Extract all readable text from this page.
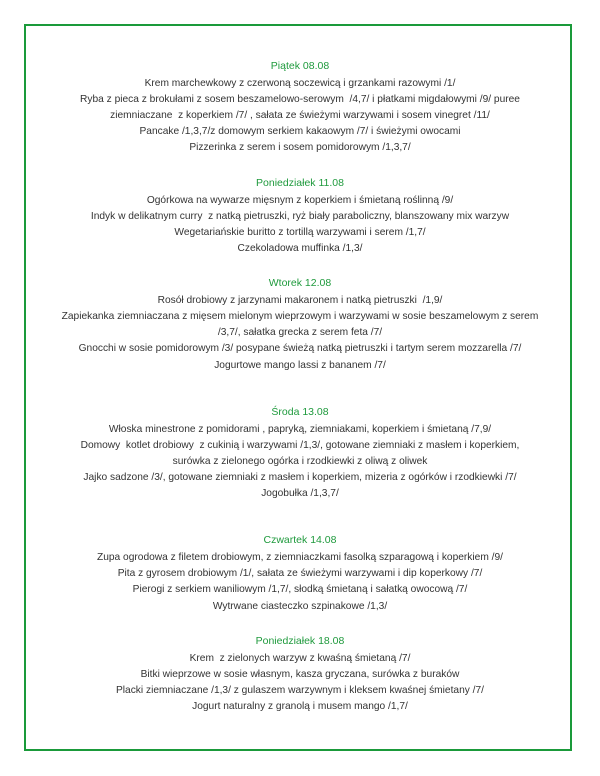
Piątek 08.08
Krem marchewkowy z czerwoną soczewicą i grzankami razowymi /1/
Ryba z pieca z brokułami z sosem beszamelowo-serowym  /4,7/ i płatkami migdałowymi /9/ puree
ziemniaczane  z koperkiem /7/ , sałata ze świeżymi warzywami i sosem vinegret /11/
Pancake /1,3,7/z domowym serkiem kakaowym /7/ i świeżymi owocami
Pizzerinka z serem i sosem pomidorowym /1,3,7/
Poniedziałek 11.08
Ogórkowa na wywarze mięsnym z koperkiem i śmietaną roślinną /9/
Indyk w delikatnym curry  z natką pietruszki, ryż biały paraboliczny, blanszowany mix warzyw
Wegetariańskie buritto z tortillą warzywami i serem /1,7/
Czekoladowa muffinka /1,3/
Wtorek 12.08
Rosół drobiowy z jarzynami makaronem i natką pietruszki  /1,9/
Zapiekanka ziemniaczana z mięsem mielonym wieprzowym i warzywami w sosie beszamelowym z serem
/3,7/, sałatka grecka z serem feta /7/
Gnocchi w sosie pomidorowym /3/ posypane świeżą natką pietruszki i tartym serem mozzarella /7/
Jogurtowe mango lassi z bananem /7/
Środa 13.08
Włoska minestrone z pomidorami , papryką, ziemniakami, koperkiem i śmietaną /7,9/
Domowy  kotlet drobiowy  z cukinią i warzywami /1,3/, gotowane ziemniaki z masłem i koperkiem,
surówka z zielonego ogórka i rzodkiewki z oliwą z oliwek
Jajko sadzone /3/, gotowane ziemniaki z masłem i koperkiem, mizeria z ogórków i rzodkiewki /7/
Jogobułka /1,3,7/
Czwartek 14.08
Zupa ogrodowa z filetem drobiowym, z ziemniaczkami fasolką szparagową i koperkiem /9/
Pita z gyrosem drobiowym /1/, sałata ze świeżymi warzywami i dip koperkowy /7/
Pierogi z serkiem waniliowym /1,7/, słodką śmietaną i sałatką owocową /7/
Wytrwane ciasteczko szpinakowe /1,3/
Poniedziałek 18.08
Krem  z zielonych warzyw z kwaśną śmietaną /7/
Bitki wieprzowe w sosie własnym, kasza gryczana, surówka z buraków
Placki ziemniaczane /1,3/ z gulaszem warzywnym i kleksem kwaśnej śmietany /7/
Jogurt naturalny z granolą i musem mango /1,7/
